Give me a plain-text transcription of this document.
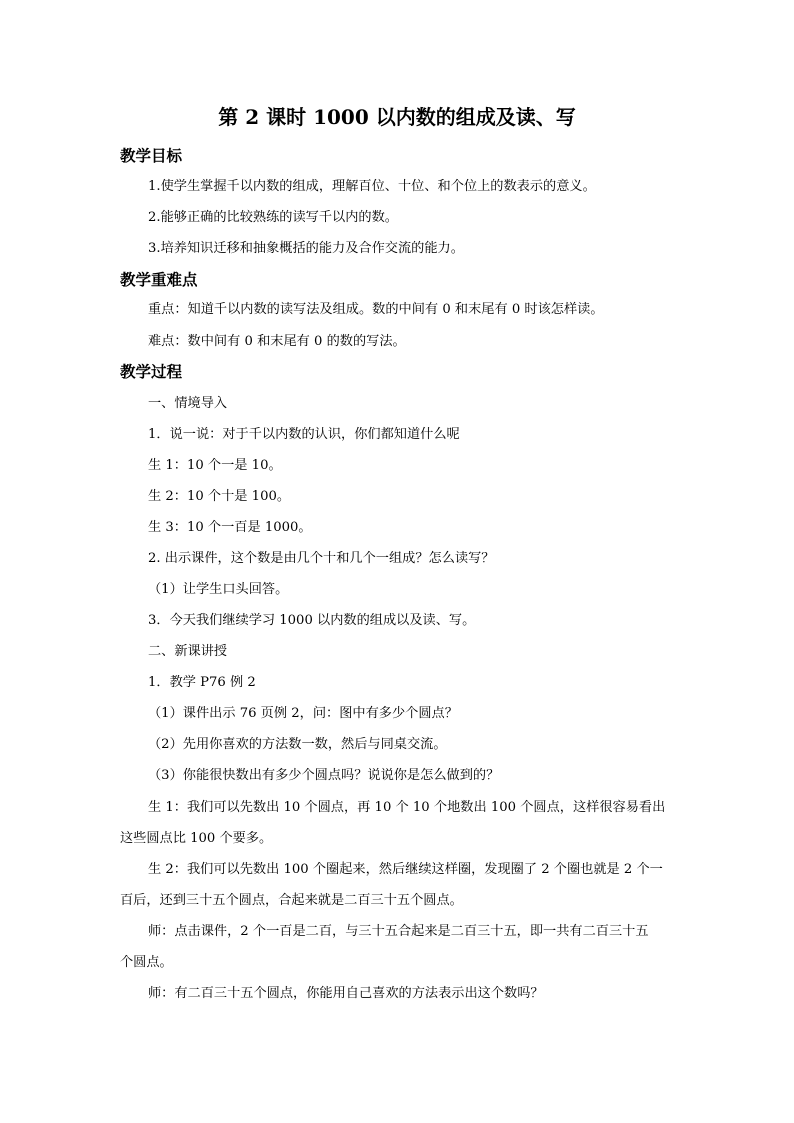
第 2 课时 1000 以内数的组成及读、写
教学目标
1.使学生掌握千以内数的组成，理解百位、十位、和个位上的数表示的意义。
2.能够正确的比较熟练的读写千以内的数。
3.培养知识迁移和抽象概括的能力及合作交流的能力。
教学重难点
重点：知道千以内数的读写法及组成。数的中间有 0 和末尾有 0 时该怎样读。
难点：数中间有 0 和末尾有 0 的数的写法。
教学过程
一、情境导入
1．说一说：对于千以内数的认识，你们都知道什么呢
生 1：10 个一是 10。
生 2：10 个十是 100。
生 3：10 个一百是 1000。
2. 出示课件，这个数是由几个十和几个一组成？怎么读写？
（1）让学生口头回答。
3．今天我们继续学习 1000 以内数的组成以及读、写。
二、新课讲授
1．教学 P76 例 2
（1）课件出示 76 页例 2，问：图中有多少个圆点？
（2）先用你喜欢的方法数一数，然后与同桌交流。
（3）你能很快数出有多少个圆点吗？说说你是怎么做到的？
生 1：我们可以先数出 10 个圆点，再 10 个 10 个地数出 100 个圆点，这样很容易看出
这些圆点比 100 个要多。
生 2：我们可以先数出 100 个圈起来，然后继续这样圈，发现圈了 2 个圈也就是 2 个一
百后，还到三十五个圆点，合起来就是二百三十五个圆点。
师：点击课件，2 个一百是二百，与三十五合起来是二百三十五，即一共有二百三十五
个圆点。
师：有二百三十五个圆点，你能用自己喜欢的方法表示出这个数吗？
